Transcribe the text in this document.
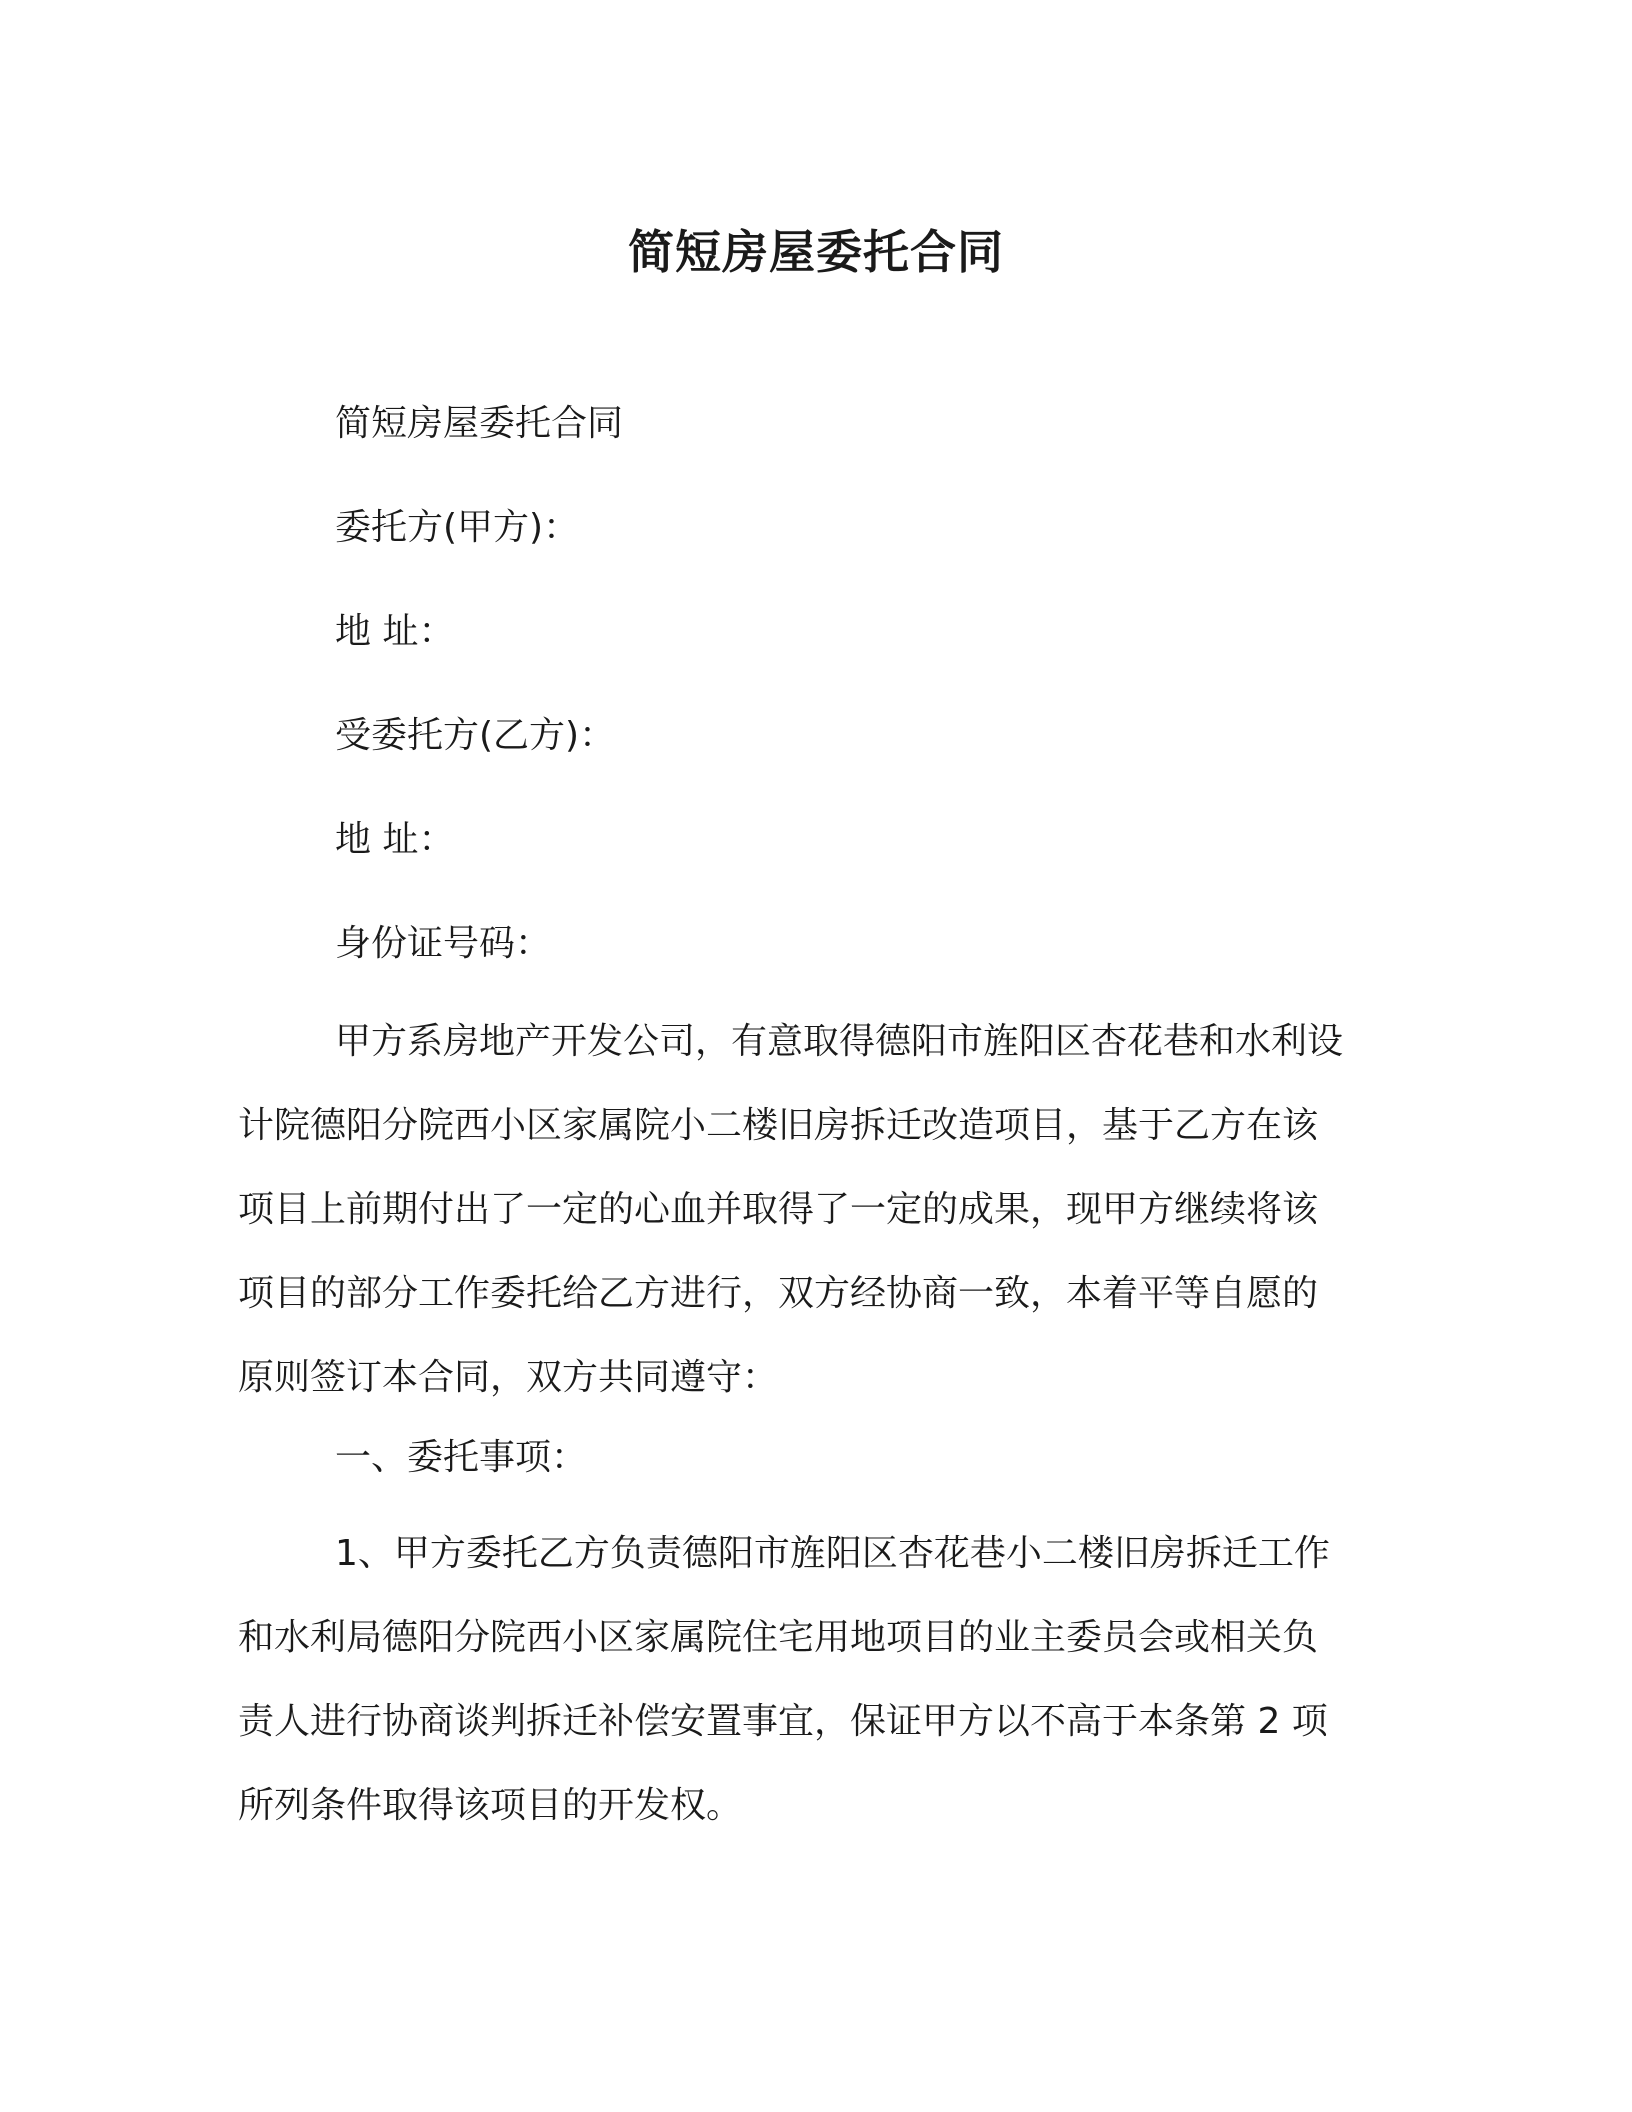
简短房屋委托合同

简短房屋委托合同

委托方(甲方)：

地 址：

受委托方(乙方)：

地 址：

身份证号码：

甲方系房地产开发公司，有意取得德阳市旌阳区杏花巷和水利设
计院德阳分院西小区家属院小二楼旧房拆迁改造项目，基于乙方在该
项目上前期付出了一定的心血并取得了一定的成果，现甲方继续将该
项目的部分工作委托给乙方进行，双方经协商一致，本着平等自愿的
原则签订本合同，双方共同遵守：

一、委托事项：

1、甲方委托乙方负责德阳市旌阳区杏花巷小二楼旧房拆迁工作
和水利局德阳分院西小区家属院住宅用地项目的业主委员会或相关负
责人进行协商谈判拆迁补偿安置事宜，保证甲方以不高于本条第 2 项
所列条件取得该项目的开发权。
